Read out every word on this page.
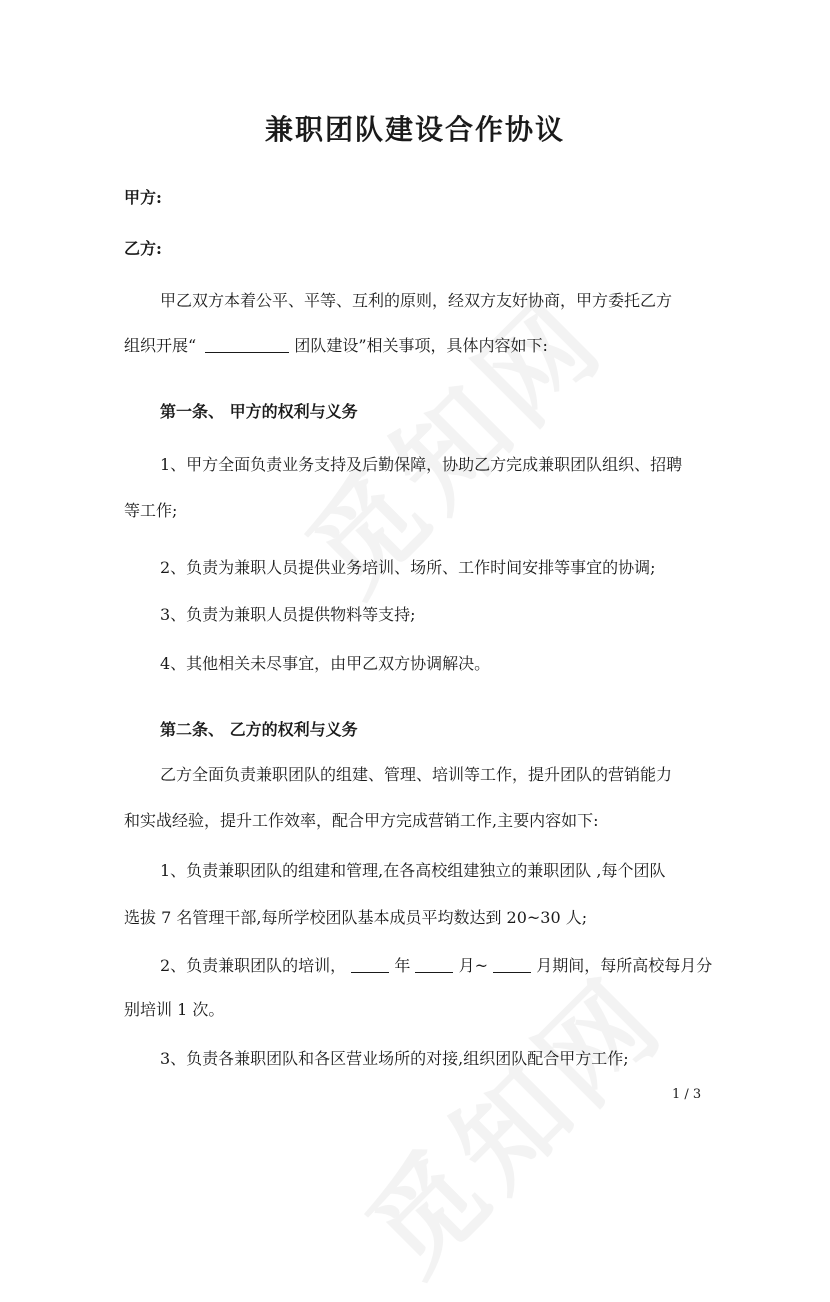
兼职团队建设合作协议
甲方:
乙方:
甲乙双方本着公平、平等、互利的原则，经双方友好协商，甲方委托乙方
组织开展“	团队建设”相关事项，具体内容如下:
第一条、 甲方的权利与义务
1、甲方全面负责业务支持及后勤保障，协助乙方完成兼职团队组织、招聘
等工作;
2、负责为兼职人员提供业务培训、场所、工作时间安排等事宜的协调;
3、负责为兼职人员提供物料等支持;
4、其他相关未尽事宜，由甲乙双方协调解决。
第二条、 乙方的权利与义务
乙方全面负责兼职团队的组建、管理、培训等工作，提升团队的营销能力
和实战经验，提升工作效率，配合甲方完成营销工作,主要内容如下:
1、负责兼职团队的组建和管理,在各高校组建独立的兼职团队 ,每个团队
选拔 7 名管理干部,每所学校团队基本成员平均数达到 20~30 人;
2、负责兼职团队的培训，	年	月~	月期间，每所高校每月分
别培训 1 次。
3、负责各兼职团队和各区营业场所的对接,组织团队配合甲方工作;
1 / 3
